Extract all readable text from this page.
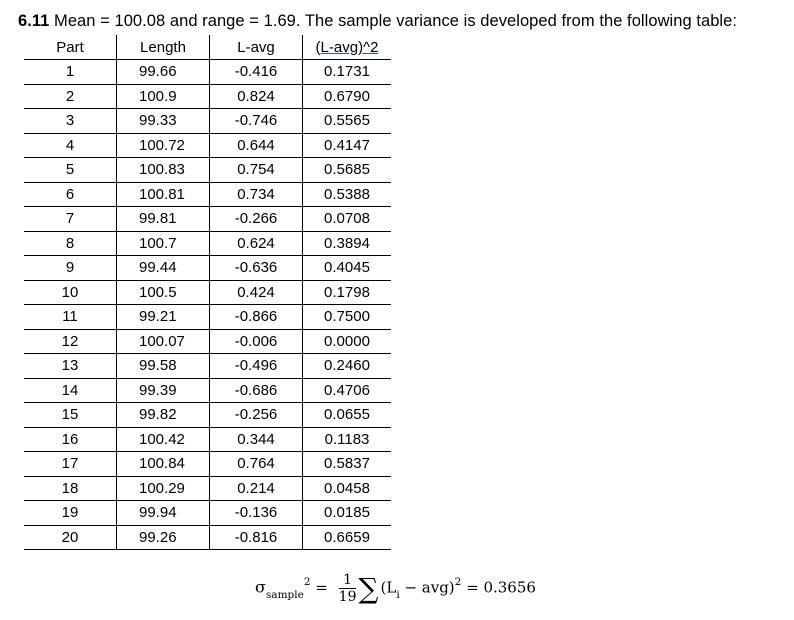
6.11 Mean = 100.08 and range = 1.69. The sample variance is developed from the following table:
Part	Length	L-avg	(L-avg)^2
1	99.66	-0.416	0.1731
2	100.9	0.824	0.6790
3	99.33	-0.746	0.5565
4	100.72	0.644	0.4147
5	100.83	0.754	0.5685
6	100.81	0.734	0.5388
7	99.81	-0.266	0.0708
8	100.7	0.624	0.3894
9	99.44	-0.636	0.4045
10	100.5	0.424	0.1798
11	99.21	-0.866	0.7500
12	100.07	-0.006	0.0000
13	99.58	-0.496	0.2460
14	99.39	-0.686	0.4706
15	99.82	-0.256	0.0655
16	100.42	0.344	0.1183
17	100.84	0.764	0.5837
18	100.29	0.214	0.0458
19	99.94	-0.136	0.0185
20	99.26	-0.816	0.6659
$\sigma_{sample}^2 = \frac{1}{19}$ ∑ $(L_i - avg)^2 = 0.3656$
